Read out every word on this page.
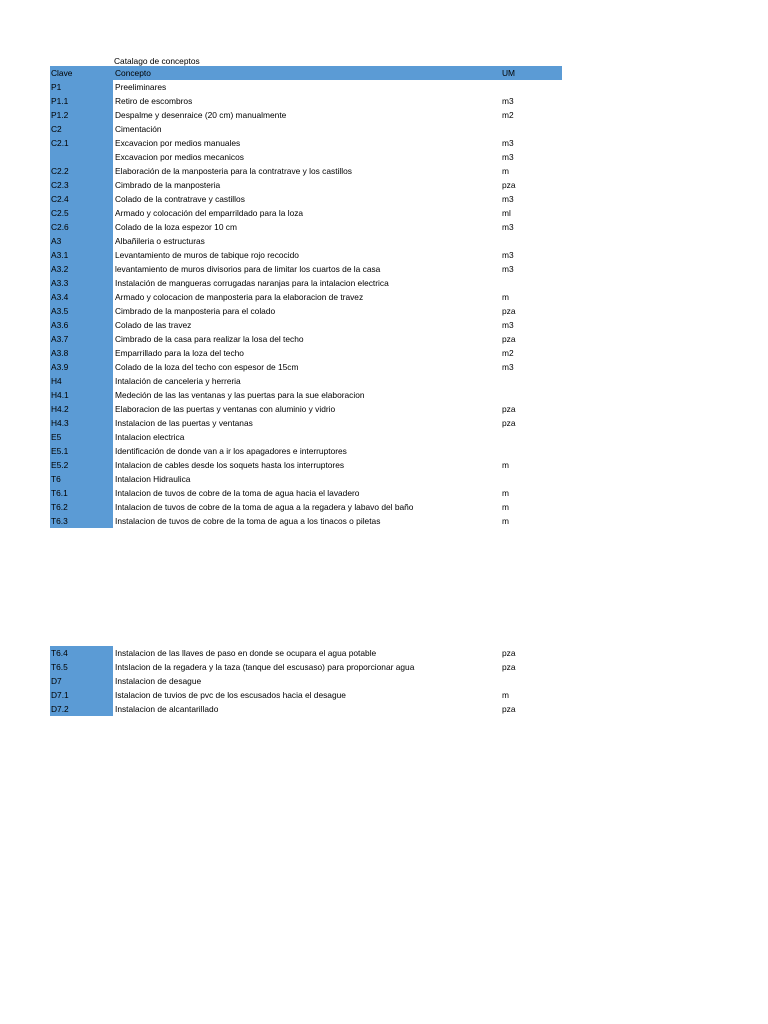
Catalago de conceptos
Clave	Concepto	UM
P1	Preeliminares
P1.1	Retiro de escombros	m3
P1.2	Despalme y desenraice (20 cm) manualmente	m2
C2	Cimentación
C2.1	Excavacion por medios manuales	m3
Excavacion por medios mecanicos	m3
C2.2	Elaboración de la manposteria para la contratrave y los castillos	m
C2.3	Cimbrado de la manposteria	pza
C2.4	Colado de la contratrave y castillos	m3
C2.5	Armado y colocación del emparrildado para la loza	ml
C2.6	Colado de la loza espezor 10 cm	m3
A3	Albañileria o estructuras
A3.1	Levantamiento de muros de tabique rojo recocido	m3
A3.2	levantamiento de muros divisorios para de limitar los cuartos de la casa	m3
A3.3	Instalación de mangueras corrugadas naranjas para la intalacion electrica
A3.4	Armado y colocacion de manposteria para la elaboracion de travez	m
A3.5	Cimbrado de la manposteria para el colado	pza
A3.6	Colado de las travez	m3
A3.7	Cimbrado de la casa para realizar la losa del techo	pza
A3.8	Emparrillado para la loza del techo	m2
A3.9	Colado de la loza del techo con espesor de 15cm	m3
H4	Intalación de canceleria y herreria
H4.1	Medeción de las las ventanas y las puertas para la sue elaboracion
H4.2	Elaboracion de las puertas y ventanas con aluminio y vidrio	pza
H4.3	Instalacion de las puertas y ventanas	pza
E5	Intalacion electrica
E5.1	Identificación de donde van a ir los apagadores e interruptores
E5.2	Intalacion de cables desde los soquets hasta los interruptores	m
T6	Intalacion Hidraulica
T6.1	Intalacion de tuvos de cobre de la toma de agua hacia el lavadero	m
T6.2	Intalacion de tuvos de cobre de la toma de agua a la regadera y labavo del baño	m
T6.3	Instalacion de tuvos de cobre de la toma de agua a los tinacos o piletas	m
T6.4	Instalacion de las llaves de paso en donde se ocupara el agua potable	pza
T6.5	Intslacion de la regadera y la taza (tanque del escusaso) para proporcionar agua	pza
D7	Instalacion de desague
D7.1	Istalacion de tuvios de pvc de los escusados hacia el desague	m
D7.2	Instalacion de alcantarillado	pza
